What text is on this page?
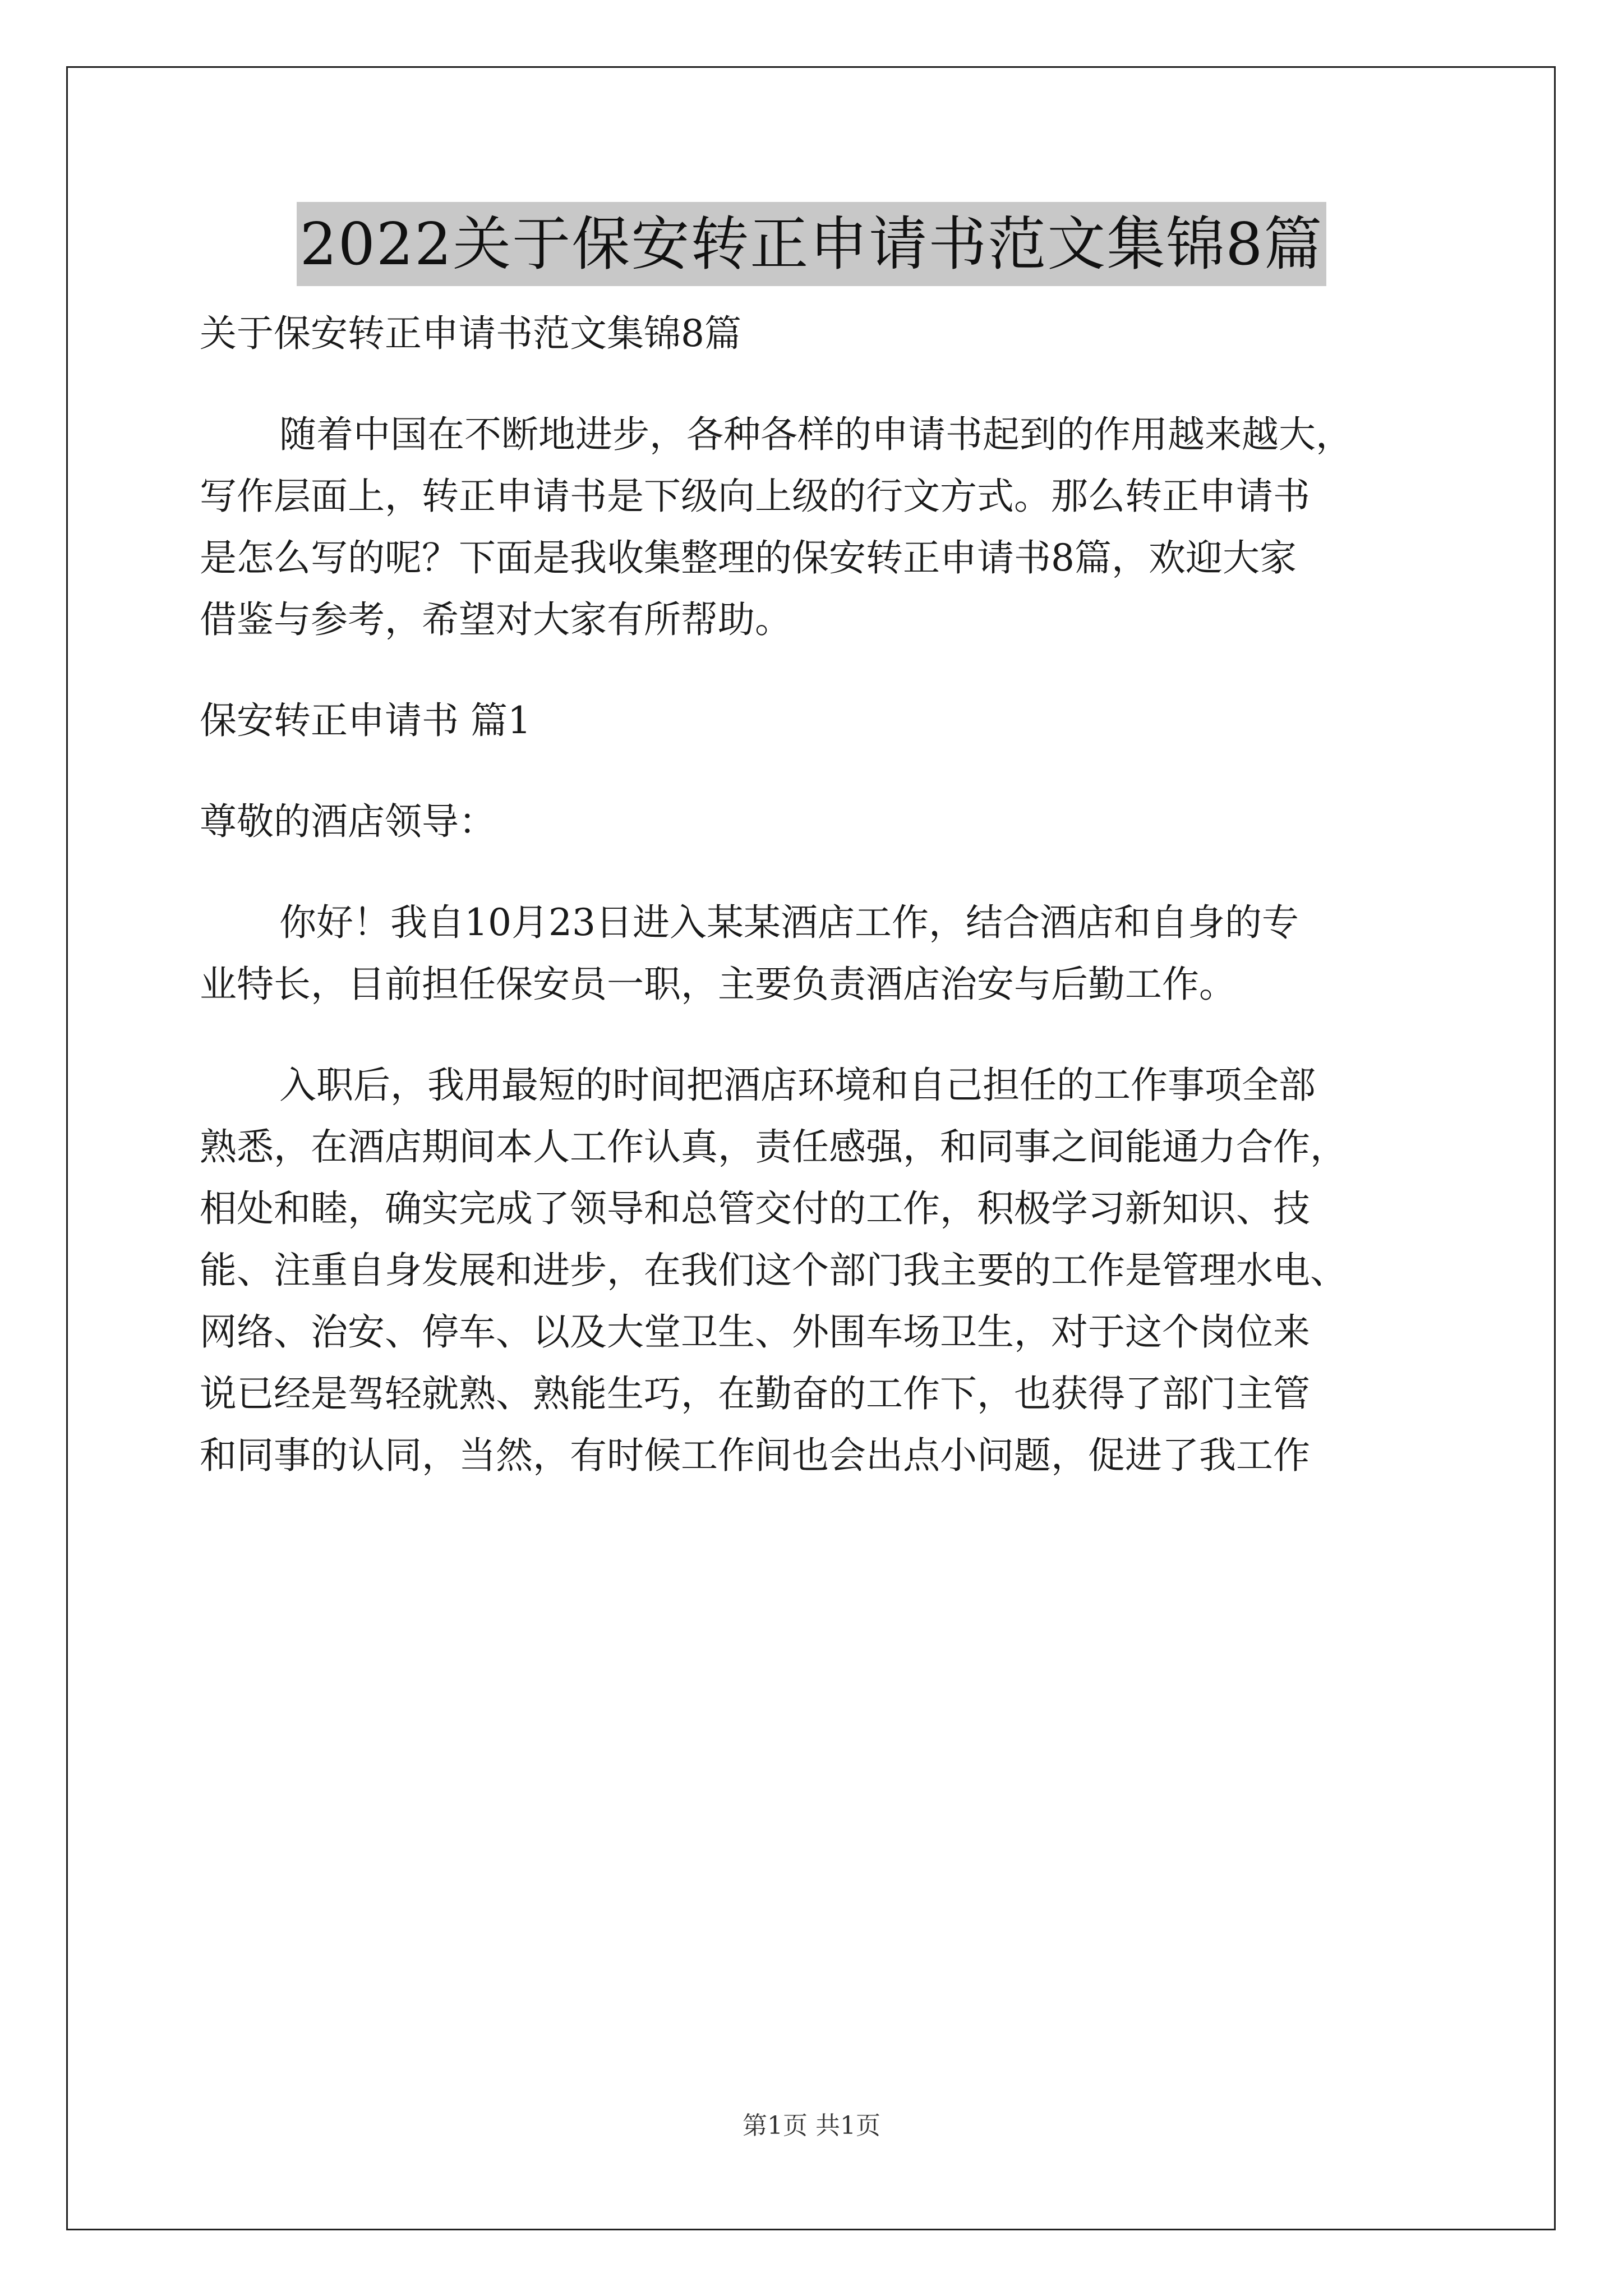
2022关于保安转正申请书范文集锦8篇
关于保安转正申请书范文集锦8篇
随着中国在不断地进步，各种各样的申请书起到的作用越来越大，
写作层面上，转正申请书是下级向上级的行文方式。那么转正申请书
是怎么写的呢？下面是我收集整理的保安转正申请书8篇，欢迎大家
借鉴与参考，希望对大家有所帮助。
保安转正申请书 篇1
尊敬的酒店领导：
你好！我自10月23日进入某某酒店工作，结合酒店和自身的专
业特长，目前担任保安员一职，主要负责酒店治安与后勤工作。
入职后，我用最短的时间把酒店环境和自己担任的工作事项全部
熟悉，在酒店期间本人工作认真，责任感强，和同事之间能通力合作，
相处和睦，确实完成了领导和总管交付的工作，积极学习新知识、技
能、注重自身发展和进步，在我们这个部门我主要的工作是管理水电、
网络、治安、停车、以及大堂卫生、外围车场卫生，对于这个岗位来
说已经是驾轻就熟、熟能生巧，在勤奋的工作下，也获得了部门主管
和同事的认同，当然，有时候工作间也会出点小问题，促进了我工作
第1页 共1页
